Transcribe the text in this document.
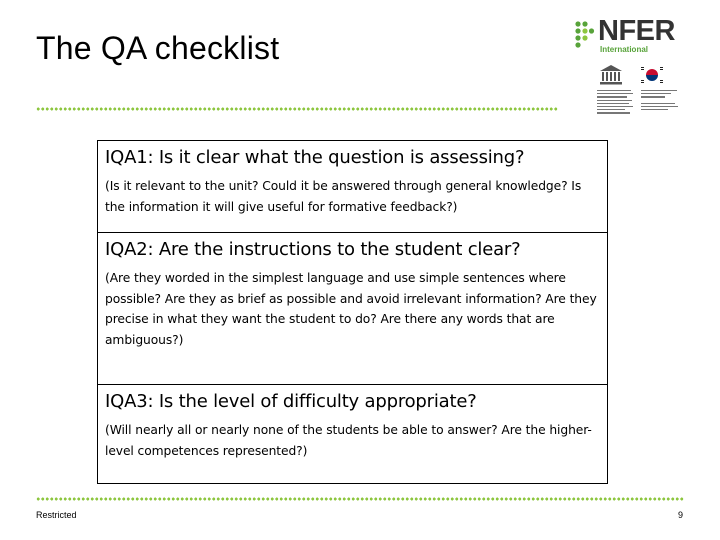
The QA checklist	NFER
International
IQA1: Is it clear what the question is assessing?

(Is it relevant to the unit? Could it be answered through general knowledge? Is the information it will give useful for formative feedback?)

IQA2: Are the instructions to the student clear?

(Are they worded in the simplest language and use simple sentences where possible? Are they as brief as possible and avoid irrelevant information? Are they precise in what they want the student to do? Are there any words that are ambiguous?)

IQA3: Is the level of difficulty appropriate?

(Will nearly all or nearly none of the students be able to answer? Are the higher-level competences represented?)

Restricted	9
